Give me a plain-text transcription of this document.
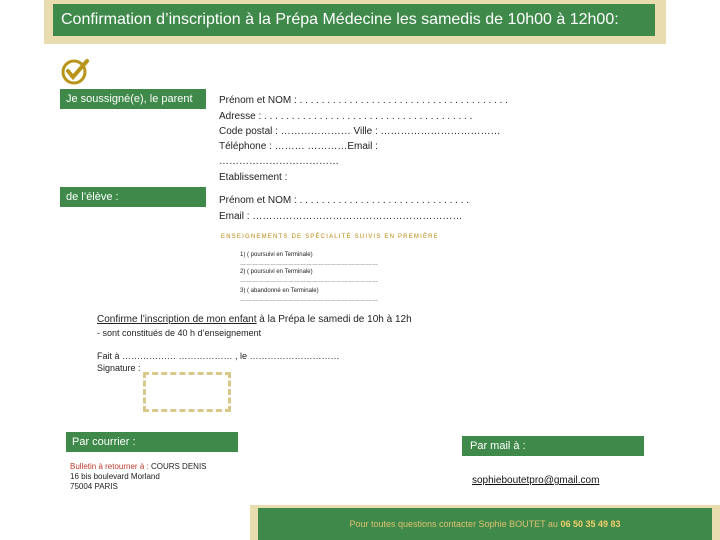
Confirmation d’inscription à la Prépa Médecine les samedis de 10h00 à 12h00:
Je soussigné(e), le parent	Prénom et NOM : . . . . . . . . . . . . . . . . . . . . . . . . . . . . . . . . . . . . . .
Adresse : . . . . . . . . . . . . . . . . . . . . . . . . . . . . . . . . . . . . . .
Code postal : ………………… Ville : ………………………………
Téléphone : ……… …………Email :
………………………………
Etablissement :
de l’élève :	Prénom et NOM : . . . . . . . . . . . . . . . . . . . . . . . . . . . . . . .
Email : ………………………………………………………
ENSEIGNEMENTS DE SPÉCIALITÉ SUIVIS EN PREMIÈRE
1) ( poursuivi en Terminale)
……………………………………………………………
2) ( poursuivi en Terminale)
……………………………………………………………
3) ( abandonné en Terminale)
……………………………………………………………
Confirme l’inscription de mon enfant à la Prépa le samedi de 10h à 12h
- sont constitués de 40 h d’enseignement
Fait à ……………… ……………… , le …………………………
Signature :
Par courrier :
Bulletin à retourner à : COURS DENIS
16 bis boulevard Morland
75004 PARIS
Par mail à :
sophieboutetpro@gmail.com
Pour toutes questions contacter Sophie BOUTET au 06 50 35 49 83
